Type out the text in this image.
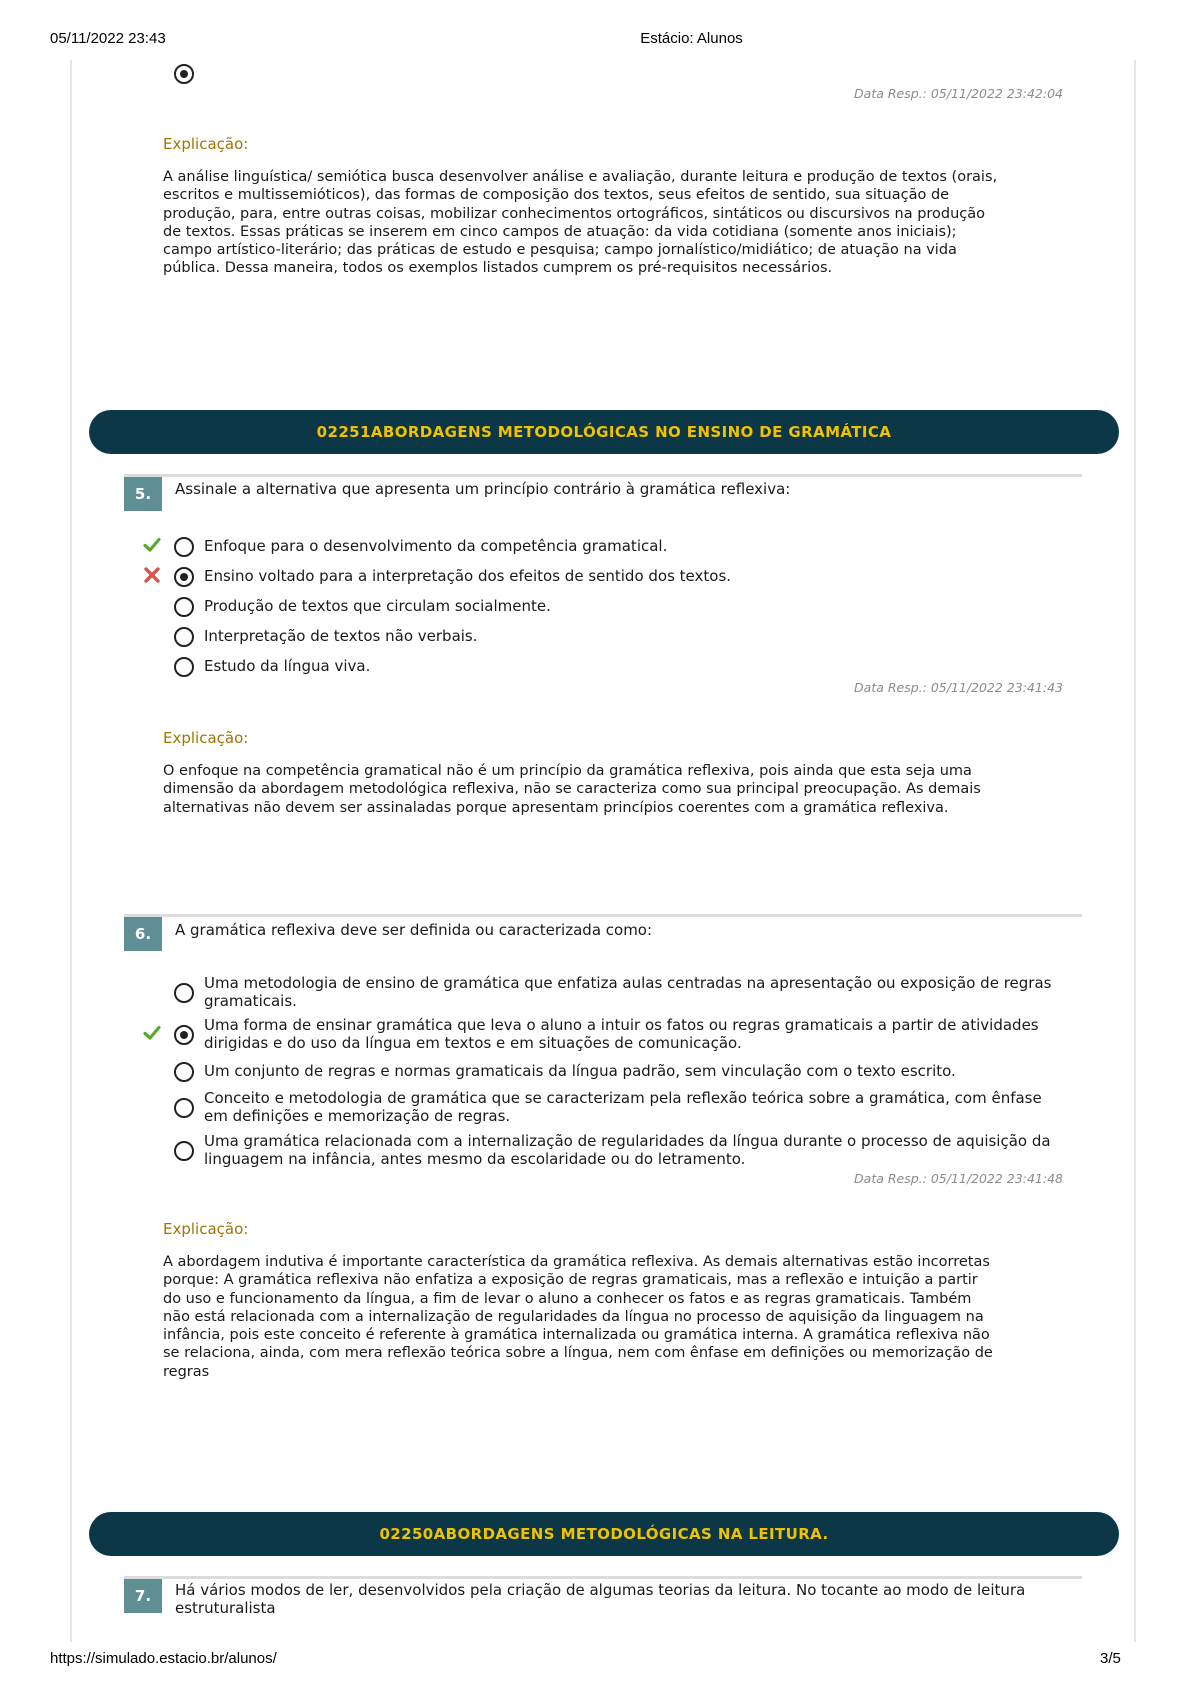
05/11/2022 23:43	Estácio: Alunos
Data Resp.: 05/11/2022 23:42:04
Explicação:
A análise linguística/ semiótica busca desenvolver análise e avaliação, durante leitura e produção de textos (orais,
escritos e multissemióticos), das formas de composição dos textos, seus efeitos de sentido, sua situação de
produção, para, entre outras coisas, mobilizar conhecimentos ortográficos, sintáticos ou discursivos na produção
de textos. Essas práticas se inserem em cinco campos de atuação: da vida cotidiana (somente anos iniciais);
campo artístico-literário; das práticas de estudo e pesquisa; campo jornalístico/midiático; de atuação na vida
pública. Dessa maneira, todos os exemplos listados cumprem os pré-requisitos necessários.
02251ABORDAGENS METODOLÓGICAS NO ENSINO DE GRAMÁTICA
5.	Assinale a alternativa que apresenta um princípio contrário à gramática reflexiva:
Enfoque para o desenvolvimento da competência gramatical.
Ensino voltado para a interpretação dos efeitos de sentido dos textos.
Produção de textos que circulam socialmente.
Interpretação de textos não verbais.
Estudo da língua viva.
Data Resp.: 05/11/2022 23:41:43
Explicação:
O enfoque na competência gramatical não é um princípio da gramática reflexiva, pois ainda que esta seja uma
dimensão da abordagem metodológica reflexiva, não se caracteriza como sua principal preocupação. As demais
alternativas não devem ser assinaladas porque apresentam princípios coerentes com a gramática reflexiva.
6.	A gramática reflexiva deve ser definida ou caracterizada como:
Uma metodologia de ensino de gramática que enfatiza aulas centradas na apresentação ou exposição de regras
gramaticais.
Uma forma de ensinar gramática que leva o aluno a intuir os fatos ou regras gramaticais a partir de atividades
dirigidas e do uso da língua em textos e em situações de comunicação.
Um conjunto de regras e normas gramaticais da língua padrão, sem vinculação com o texto escrito.
Conceito e metodologia de gramática que se caracterizam pela reflexão teórica sobre a gramática, com ênfase
em definições e memorização de regras.
Uma gramática relacionada com a internalização de regularidades da língua durante o processo de aquisição da
linguagem na infância, antes mesmo da escolaridade ou do letramento.
Data Resp.: 05/11/2022 23:41:48
Explicação:
A abordagem indutiva é importante característica da gramática reflexiva. As demais alternativas estão incorretas
porque: A gramática reflexiva não enfatiza a exposição de regras gramaticais, mas a reflexão e intuição a partir
do uso e funcionamento da língua, a fim de levar o aluno a conhecer os fatos e as regras gramaticais. Também
não está relacionada com a internalização de regularidades da língua no processo de aquisição da linguagem na
infância, pois este conceito é referente à gramática internalizada ou gramática interna. A gramática reflexiva não
se relaciona, ainda, com mera reflexão teórica sobre a língua, nem com ênfase em definições ou memorização de
regras
02250ABORDAGENS METODOLÓGICAS NA LEITURA.
7.	Há vários modos de ler, desenvolvidos pela criação de algumas teorias da leitura. No tocante ao modo de leitura
estruturalista
https://simulado.estacio.br/alunos/	3/5
